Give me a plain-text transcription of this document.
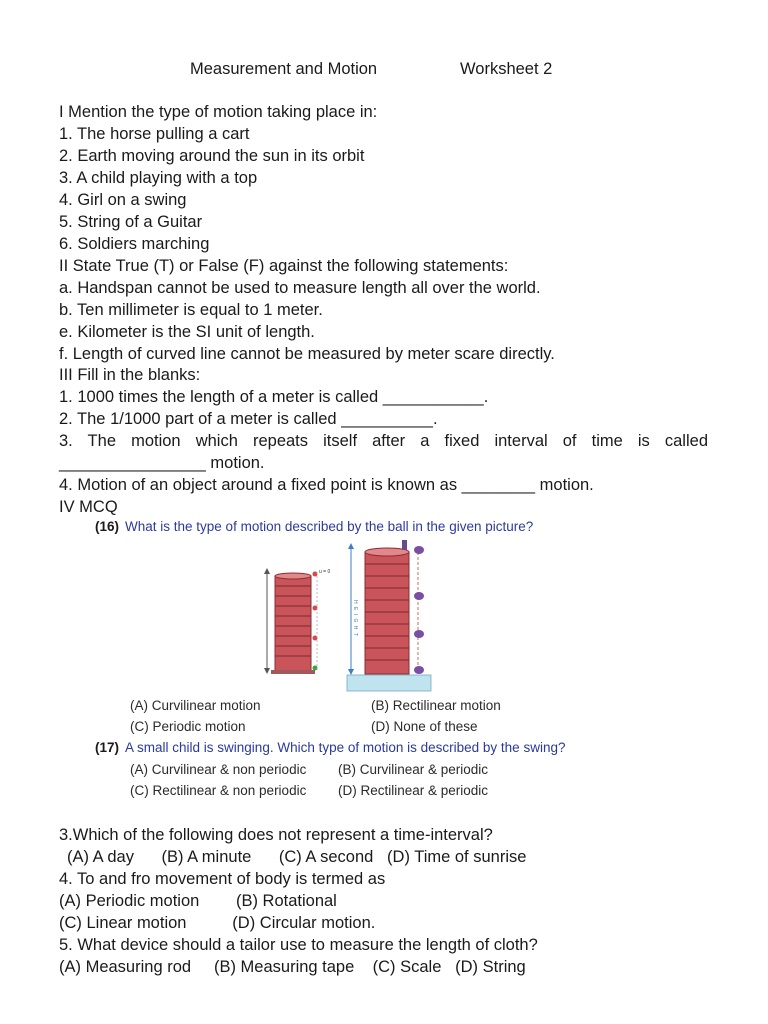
Measurement and Motion	Worksheet 2
I Mention the type of motion taking place in:
1. The horse pulling a cart
2. Earth moving around the sun in its orbit
3. A child playing with a top
4. Girl on a swing
5. String of a Guitar
6. Soldiers marching
II State True (T) or False (F) against the following statements:
a. Handspan cannot be used to measure length all over the world.
b. Ten millimeter is equal to 1 meter.
e. Kilometer is the SI unit of length.
f. Length of curved line cannot be measured by meter scare directly.
III Fill in the blanks:
1. 1000 times the length of a meter is called ___________.
2. The 1/1000 part of a meter is called __________.
3. The motion which repeats itself after a fixed interval of time is called
________________ motion.
4. Motion of an object around a fixed point is known as ________ motion.
IV MCQ
(16) What is the type of motion described by the ball in the given picture?
u = 0
H E I G H T
(A) Curvilinear motion	(B) Rectilinear motion
(C) Periodic motion	(D) None of these
(17) A small child is swinging. Which type of motion is described by the swing?
(A) Curvilinear & non periodic (B) Curvilinear & periodic
(C) Rectilinear & non periodic (D) Rectilinear & periodic
3.Which of the following does not represent a time-interval?
(A) A day      (B) A minute      (C) A second   (D) Time of sunrise
4. To and fro movement of body is termed as
(A) Periodic motion        (B) Rotational
(C) Linear motion          (D) Circular motion.
5. What device should a tailor use to measure the length of cloth?
(A) Measuring rod     (B) Measuring tape    (C) Scale   (D) String
